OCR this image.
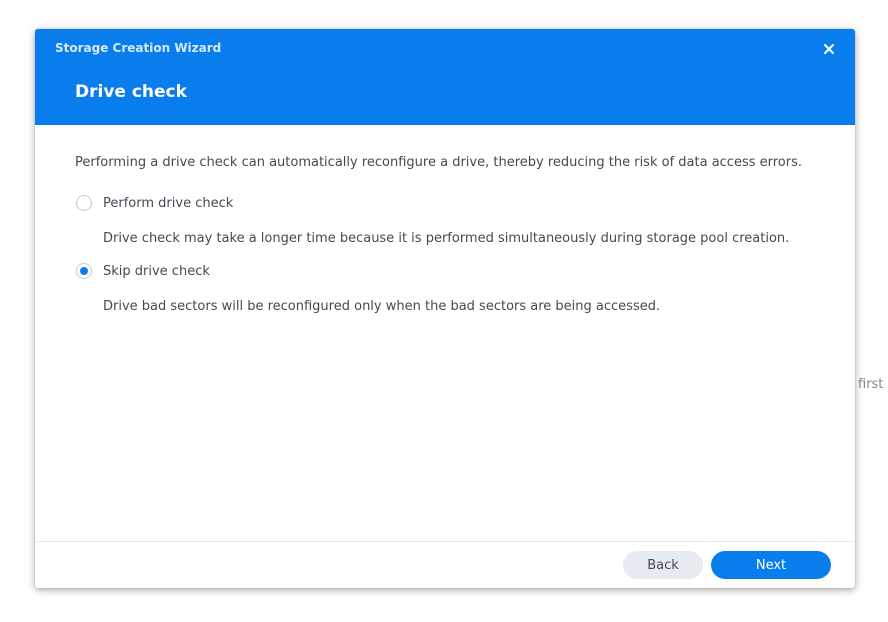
first
Storage Creation Wizard
Drive check
Performing a drive check can automatically reconfigure a drive, thereby reducing the risk of data access errors.
Perform drive check
Drive check may take a longer time because it is performed simultaneously during storage pool creation.
Skip drive check
Drive bad sectors will be reconfigured only when the bad sectors are being accessed.
Back	Next
